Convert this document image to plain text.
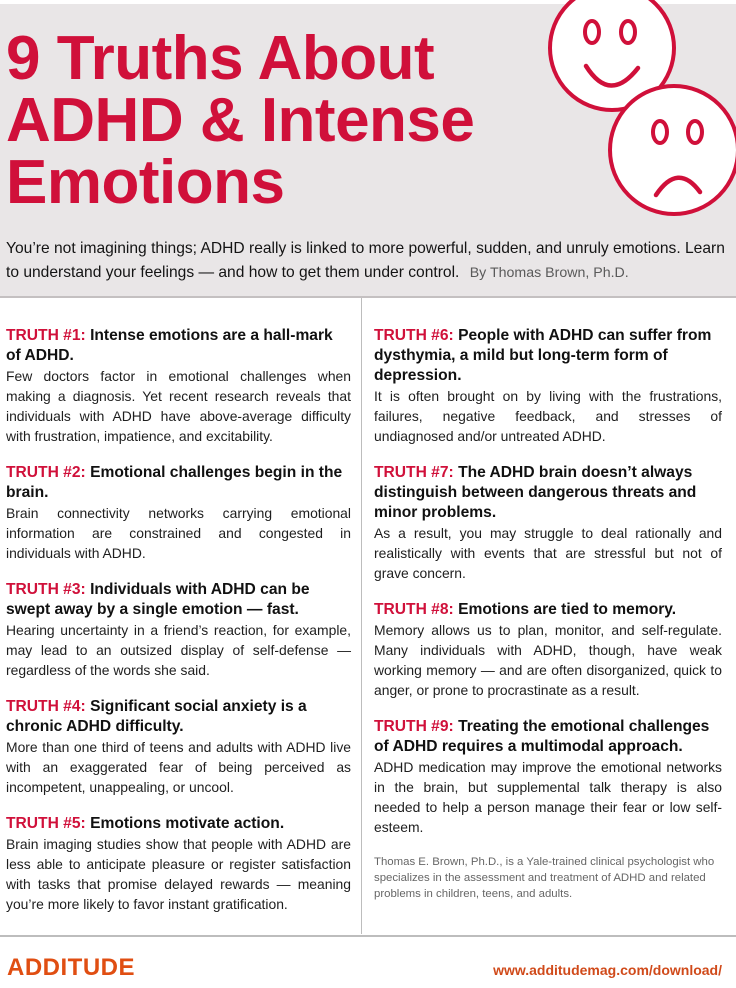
9 Truths About
ADHD & Intense
Emotions

You’re not imagining things; ADHD really is linked to more powerful, sudden, and unruly emotions. Learn to understand your feelings — and how to get them under control. By Thomas Brown, Ph.D.

TRUTH #1: Intense emotions are a hall-mark of ADHD.

Few doctors factor in emotional challenges when making a diagnosis. Yet recent research reveals that individuals with ADHD have above-average difficulty with frustration, impatience, and excitability.

TRUTH #2: Emotional challenges begin in the brain.

Brain connectivity networks carrying emotional information are constrained and congested in individuals with ADHD.

TRUTH #3: Individuals with ADHD can be swept away by a single emotion — fast.

Hearing uncertainty in a friend’s reaction, for example, may lead to an outsized display of self-defense — regardless of the words she said.

TRUTH #4: Significant social anxiety is a chronic ADHD difficulty.

More than one third of teens and adults with ADHD live with an exaggerated fear of being perceived as incompetent, unappealing, or uncool.

TRUTH #5: Emotions motivate action.

Brain imaging studies show that people with ADHD are less able to anticipate pleasure or register satisfaction with tasks that promise delayed rewards — meaning you’re more likely to favor instant gratification.

TRUTH #6: People with ADHD can suffer from dysthymia, a mild but long-term form of depression.

It is often brought on by living with the frustrations, failures, negative feedback, and stresses of undiagnosed and/or untreated ADHD.

TRUTH #7: The ADHD brain doesn’t always distinguish between dangerous threats and minor problems.

As a result, you may struggle to deal rationally and realistically with events that are stressful but not of grave concern.

TRUTH #8: Emotions are tied to memory.

Memory allows us to plan, monitor, and self-regulate. Many individuals with ADHD, though, have weak working memory — and are often disorganized, quick to anger, or prone to procrastinate as a result.

TRUTH #9: Treating the emotional challenges of ADHD requires a multimodal approach.

ADHD medication may improve the emotional networks in the brain, but supplemental talk therapy is also needed to help a person manage their fear or low self-esteem.

Thomas E. Brown, Ph.D., is a Yale-trained clinical psychologist who specializes in the assessment and treatment of ADHD and related problems in children, teens, and adults.

ADDITUDE	www.additudemag.com/download/
